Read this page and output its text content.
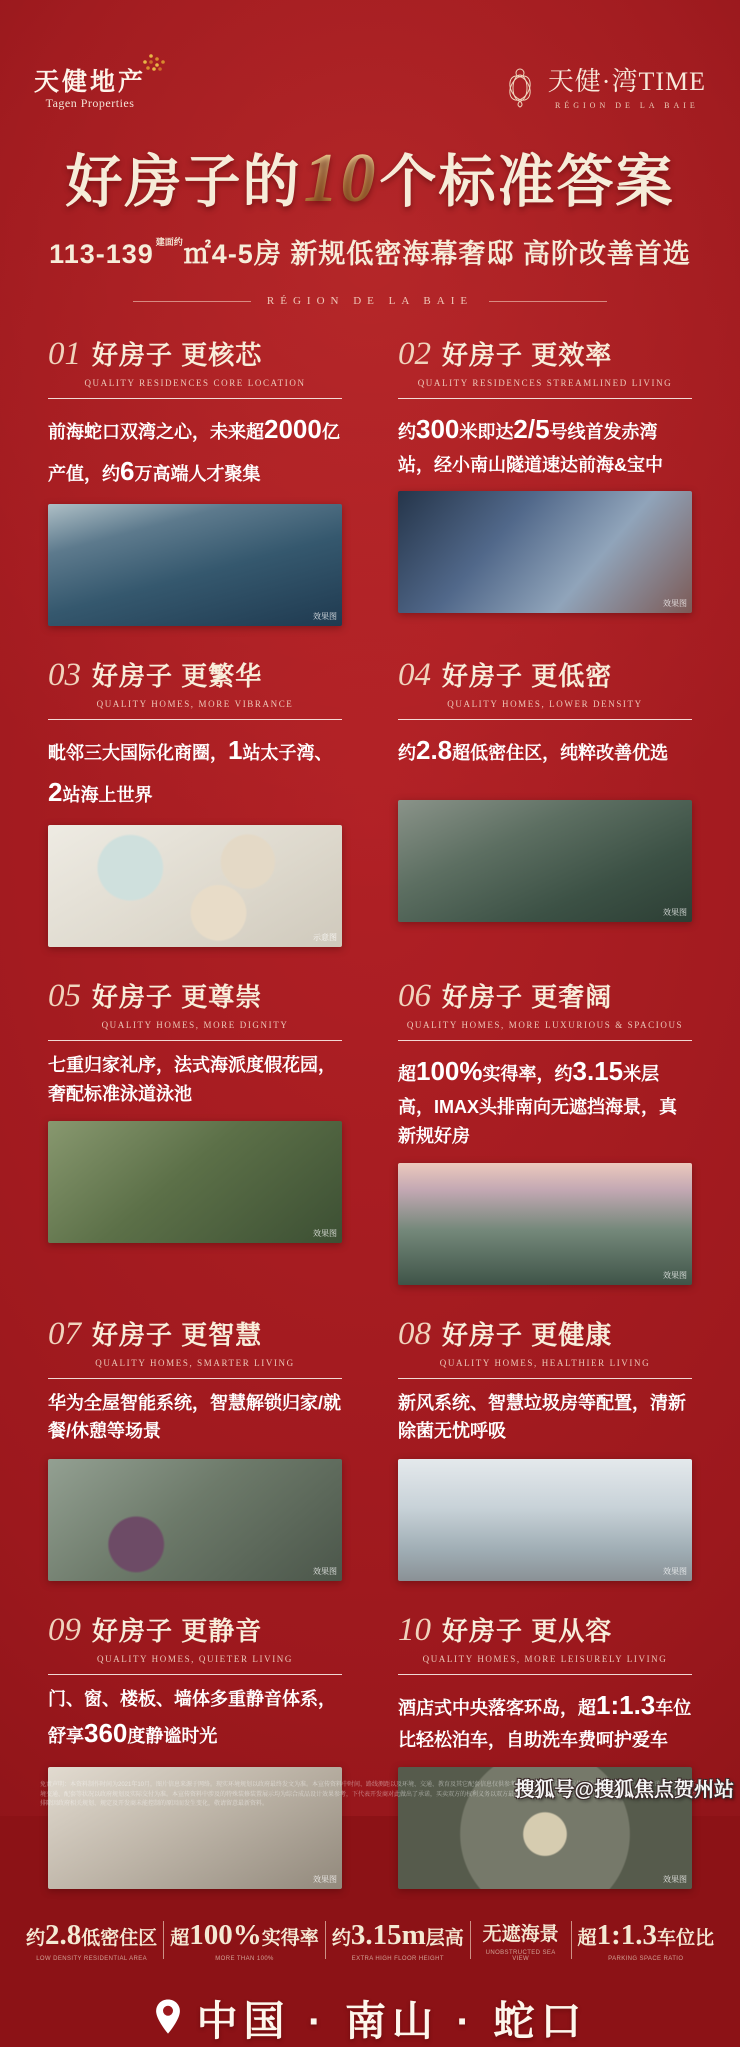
天健地产
Tagen Properties
天健·湾TIME
RÉGION DE LA BAIE
好房子的10个标准答案
113-139 $^{建面约}$㎡4-5房 新规低密海幕奢邸 高阶改善首选
RÉGION DE LA BAIE
01 好房子 更核芯
QUALITY RESIDENCES CORE LOCATION

前海蛇口双湾之心，未来超2000亿产值，约6万高端人才聚集

效果图
02 好房子 更效率
QUALITY RESIDENCES STREAMLINED LIVING

约300米即达2/5号线首发赤湾站，经小南山隧道速达前海&宝中

效果图
03 好房子 更繁华
QUALITY HOMES, MORE VIBRANCE

毗邻三大国际化商圈，1站太子湾、2站海上世界

示意图
04 好房子 更低密
QUALITY HOMES, LOWER DENSITY

约2.8超低密住区，纯粹改善优选

效果图
05 好房子 更尊崇
QUALITY HOMES, MORE DIGNITY

七重归家礼序，法式海派度假花园，奢配标准泳道泳池

效果图
06 好房子 更奢阔
QUALITY HOMES, MORE LUXURIOUS & SPACIOUS

超100%实得率，约3.15米层高，IMAX头排南向无遮挡海景，真新规好房

效果图
07 好房子 更智慧
QUALITY HOMES, SMARTER LIVING

华为全屋智能系统，智慧解锁归家/就餐/休憩等场景

效果图
08 好房子 更健康
QUALITY HOMES, HEALTHIER LIVING

新风系统、智慧垃圾房等配置，清新除菌无忧呼吸

效果图
09 好房子 更静音
QUALITY HOMES, QUIETER LIVING

门、窗、楼板、墙体多重静音体系，舒享360度静谧时光

效果图
10 好房子 更从容
QUALITY HOMES, MORE LEISURELY LIVING

酒店式中央落客环岛，超1:1.3车位比轻松泊车，自助洗车费呵护爱车

效果图
约2.8低密住区
LOW DENSITY RESIDENTIAL AREA
超100%实得率
MORE THAN 100%
约3.15m层高
EXTRA HIGH FLOOR HEIGHT
无遮海景
UNOBSTRUCTED SEA VIEW
超1:1.3车位比
PARKING SPACE RATIO
中国 · 南山 · 蛇口
免责声明：本资料制作时间为2021年10月，图片信息来源于网络。现实环境规划以政府最终发文为准。本宣传资料中时间、路线测距以及环境、交通、教育及其它配套信息仅供参考，不属销售承诺，不属体转载本公司资讯均出自了承诺。商家以应环境交通、配套等状况以政府规划及实际交付为准。本宣传资料中涉及的特殊装修装置展示均为综合成品设计效果参考，下代表开发商对此做出了承诺，买卖双方的权利义务以双方最终签署的《深圳市房地产买卖合同（预售）》为准。本资料相关内容不排除因政府相关规划、规定及开发商未能控制的原因而发生变化，敬请留意最新资料。
搜狐号@搜狐焦点贺州站
